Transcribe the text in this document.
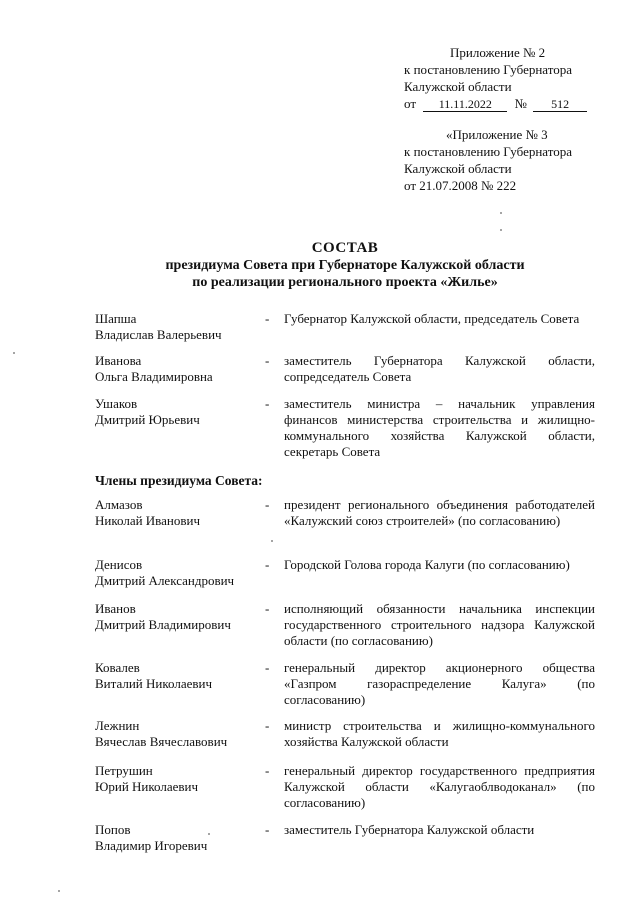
Приложение № 2
к постановлению Губернатора
Калужской области
от 11.11.2022 № 512
«Приложение № 3
к постановлению Губернатора
Калужской области
от 21.07.2008 № 222
СОСТАВ
президиума Совета при Губернаторе Калужской области
по реализации регионального проекта «Жилье»
Шапша
Владислав Валерьевич
- Губернатор Калужской области, председатель Совета
Иванова
Ольга Владимировна
- заместитель Губернатора Калужской области, сопредседатель Совета
Ушаков
Дмитрий Юрьевич
- заместитель министра – начальник управления финансов министерства строительства и жилищно-коммунального хозяйства Калужской области, секретарь Совета
Члены президиума Совета:
Алмазов
Николай Иванович
- президент регионального объединения работодателей «Калужский союз строителей» (по согласованию)
Денисов
Дмитрий Александрович
- Городской Голова города Калуги (по согласованию)
Иванов
Дмитрий Владимирович
- исполняющий обязанности начальника инспекции государственного строительного надзора Калужской области (по согласованию)
Ковалев
Виталий Николаевич
- генеральный директор акционерного общества «Газпром газораспределение Калуга» (по согласованию)
Лежнин
Вячеслав Вячеславович
- министр строительства и жилищно-коммунального хозяйства Калужской области
Петрушин
Юрий Николаевич
- генеральный директор государственного предприятия Калужской области «Калугаоблводоканал» (по согласованию)
Попов
Владимир Игоревич
- заместитель Губернатора Калужской области
